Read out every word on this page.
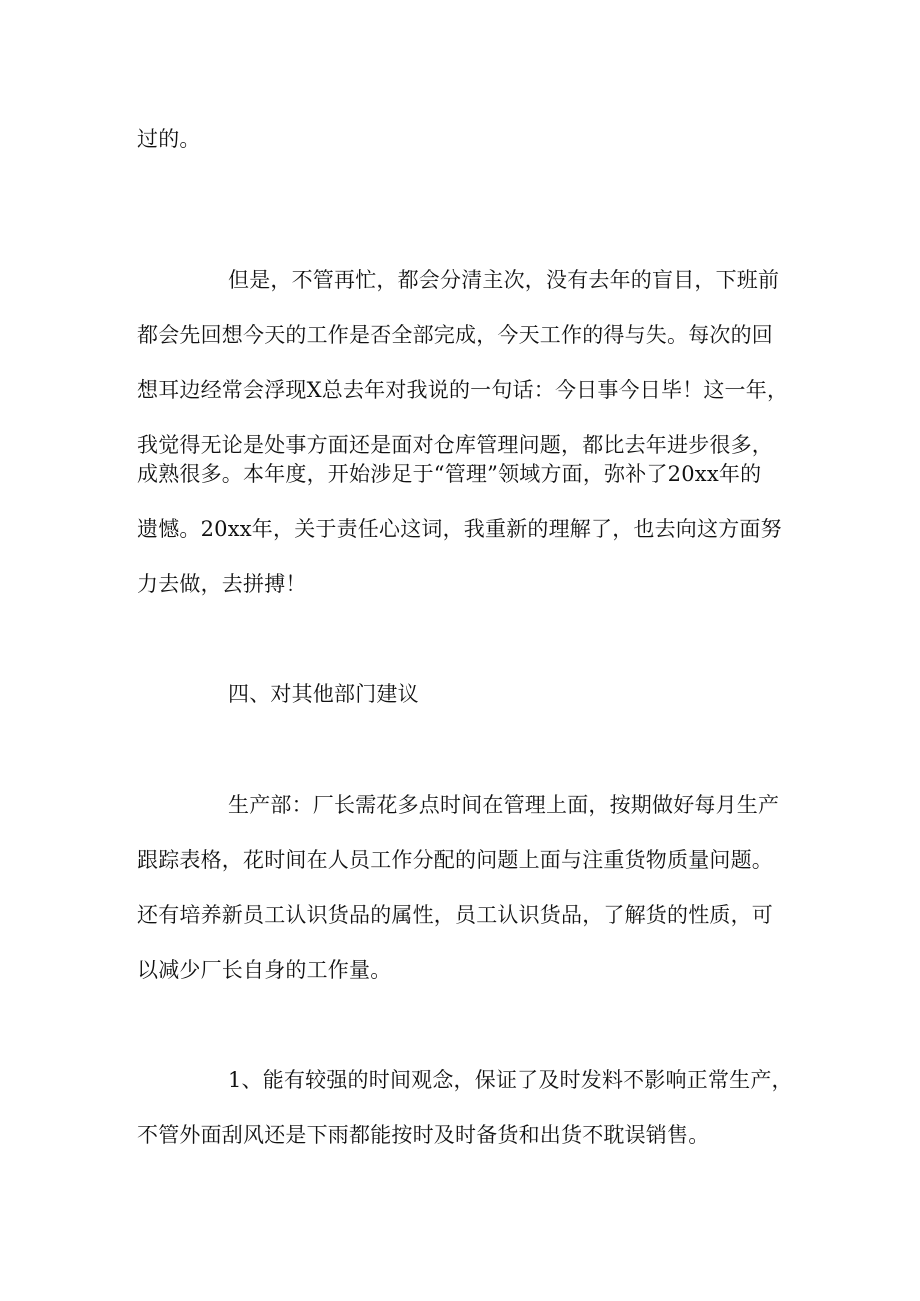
过的。
但是，不管再忙，都会分清主次，没有去年的盲目，下班前
都会先回想今天的工作是否全部完成，今天工作的得与失。每次的回
想耳边经常会浮现X总去年对我说的一句话：今日事今日毕！这一年，
我觉得无论是处事方面还是面对仓库管理问题，都比去年进步很多，
成熟很多。本年度，开始涉足于“管理”领域方面，弥补了20xx年的
遗憾。20xx年，关于责任心这词，我重新的理解了，也去向这方面努
力去做，去拼搏！
四、对其他部门建议
生产部：厂长需花多点时间在管理上面，按期做好每月生产
跟踪表格，花时间在人员工作分配的问题上面与注重货物质量问题。
还有培养新员工认识货品的属性，员工认识货品，了解货的性质，可
以减少厂长自身的工作量。
1、能有较强的时间观念，保证了及时发料不影响正常生产，
不管外面刮风还是下雨都能按时及时备货和出货不耽误销售。
